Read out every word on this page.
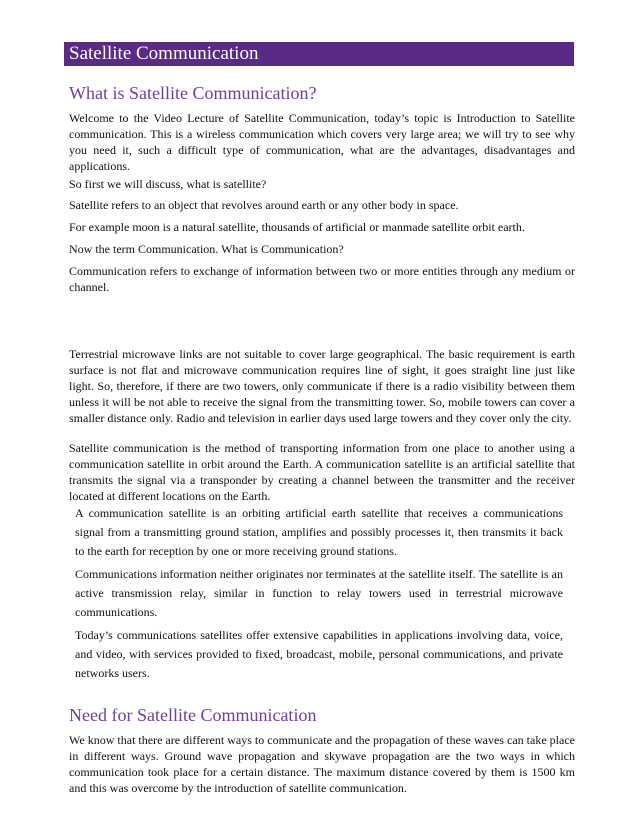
Satellite Communication
What is Satellite Communication?

Welcome to the Video Lecture of Satellite Communication, today’s topic is Introduction to Satellite communication. This is a wireless communication which covers very large area; we will try to see why you need it, such a difficult type of communication, what are the advantages, disadvantages and applications.

So first we will discuss, what is satellite?

Satellite refers to an object that revolves around earth or any other body in space.

For example moon is a natural satellite, thousands of artificial or manmade satellite orbit earth.

Now the term Communication. What is Communication?

Communication refers to exchange of information between two or more entities through any medium or channel.

Terrestrial microwave links are not suitable to cover large geographical. The basic requirement is earth surface is not flat and microwave communication requires line of sight, it goes straight line just like light. So, therefore, if there are two towers, only communicate if there is a radio visibility between them unless it will be not able to receive the signal from the transmitting tower. So, mobile towers can cover a smaller distance only. Radio and television in earlier days used large towers and they cover only the city.

Satellite communication is the method of transporting information from one place to another using a communication satellite in orbit around the Earth. A communication satellite is an artificial satellite that transmits the signal via a transponder by creating a channel between the transmitter and the receiver located at different locations on the Earth.

A communication satellite is an orbiting artificial earth satellite that receives a communications signal from a transmitting ground station, amplifies and possibly processes it, then transmits it back to the earth for reception by one or more receiving ground stations.

Communications information neither originates nor terminates at the satellite itself. The satellite is an active transmission relay, similar in function to relay towers used in terrestrial microwave communications.

Today’s communications satellites offer extensive capabilities in applications involving data, voice, and video, with services provided to fixed, broadcast, mobile, personal communications, and private networks users.

Need for Satellite Communication

We know that there are different ways to communicate and the propagation of these waves can take place in different ways. Ground wave propagation and skywave propagation are the two ways in which communication took place for a certain distance. The maximum distance covered by them is 1500 km and this was overcome by the introduction of satellite communication.
